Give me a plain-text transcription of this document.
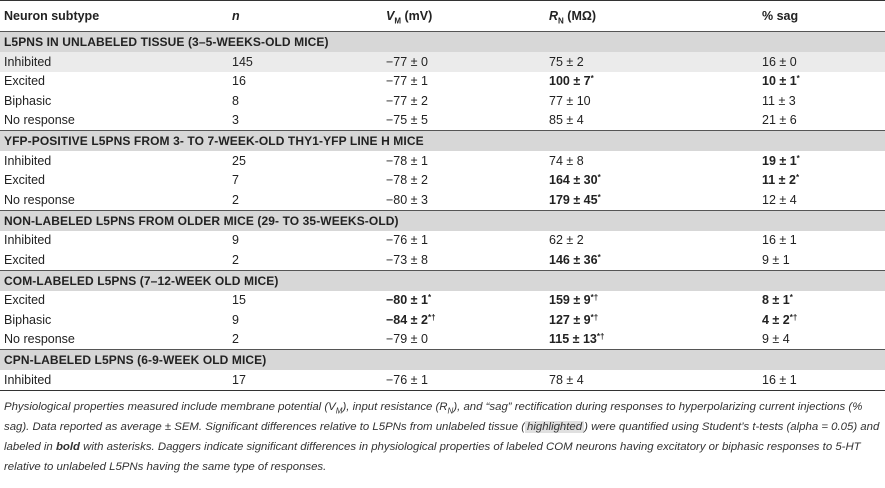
Neuron subtype	n	$V_M$ (mV)	$R_N$ (MΩ)	% sag
L5PNS IN UNLABELED TISSUE (3–5-WEEKS-OLD MICE)				
Inhibited	145	−77 ± 0	75 ± 2	16 ± 0
Excited	16	−77 ± 1	100 ± 7*	10 ± 1*
Biphasic	8	−77 ± 2	77 ± 10	11 ± 3
No response	3	−75 ± 5	85 ± 4	21 ± 6
YFP-POSITIVE L5PNS FROM 3- TO 7-WEEK-OLD THY1-YFP LINE H MICE				
Inhibited	25	−78 ± 1	74 ± 8	19 ± 1*
Excited	7	−78 ± 2	164 ± 30*	11 ± 2*
No response	2	−80 ± 3	179 ± 45*	12 ± 4
NON-LABELED L5PNS FROM OLDER MICE (29- TO 35-WEEKS-OLD)				
Inhibited	9	−76 ± 1	62 ± 2	16 ± 1
Excited	2	−73 ± 8	146 ± 36*	9 ± 1
COM-LABELED L5PNS (7–12-WEEK OLD MICE)				
Excited	15	−80 ± 1*	159 ± 9*†	8 ± 1*
Biphasic	9	−84 ± 2*†	127 ± 9*†	4 ± 2*†
No response	2	−79 ± 0	115 ± 13*†	9 ± 4
CPN-LABELED L5PNS (6-9-WEEK OLD MICE)				
Inhibited	17	−76 ± 1	78 ± 4	16 ± 1
Physiological properties measured include membrane potential $(V_M)$, input resistance $(R_N)$, and “sag” rectification during responses to hyperpolarizing current injections (% sag). Data reported as average ± SEM. Significant differences relative to L5PNs from unlabeled tissue ( highlighted ) were quantified using Student’s t-tests (alpha = 0.05) and labeled in bold with asterisks. Daggers indicate significant differences in physiological properties of labeled COM neurons having excitatory or biphasic responses to 5-HT relative to unlabeled L5PNs having the same type of responses.
